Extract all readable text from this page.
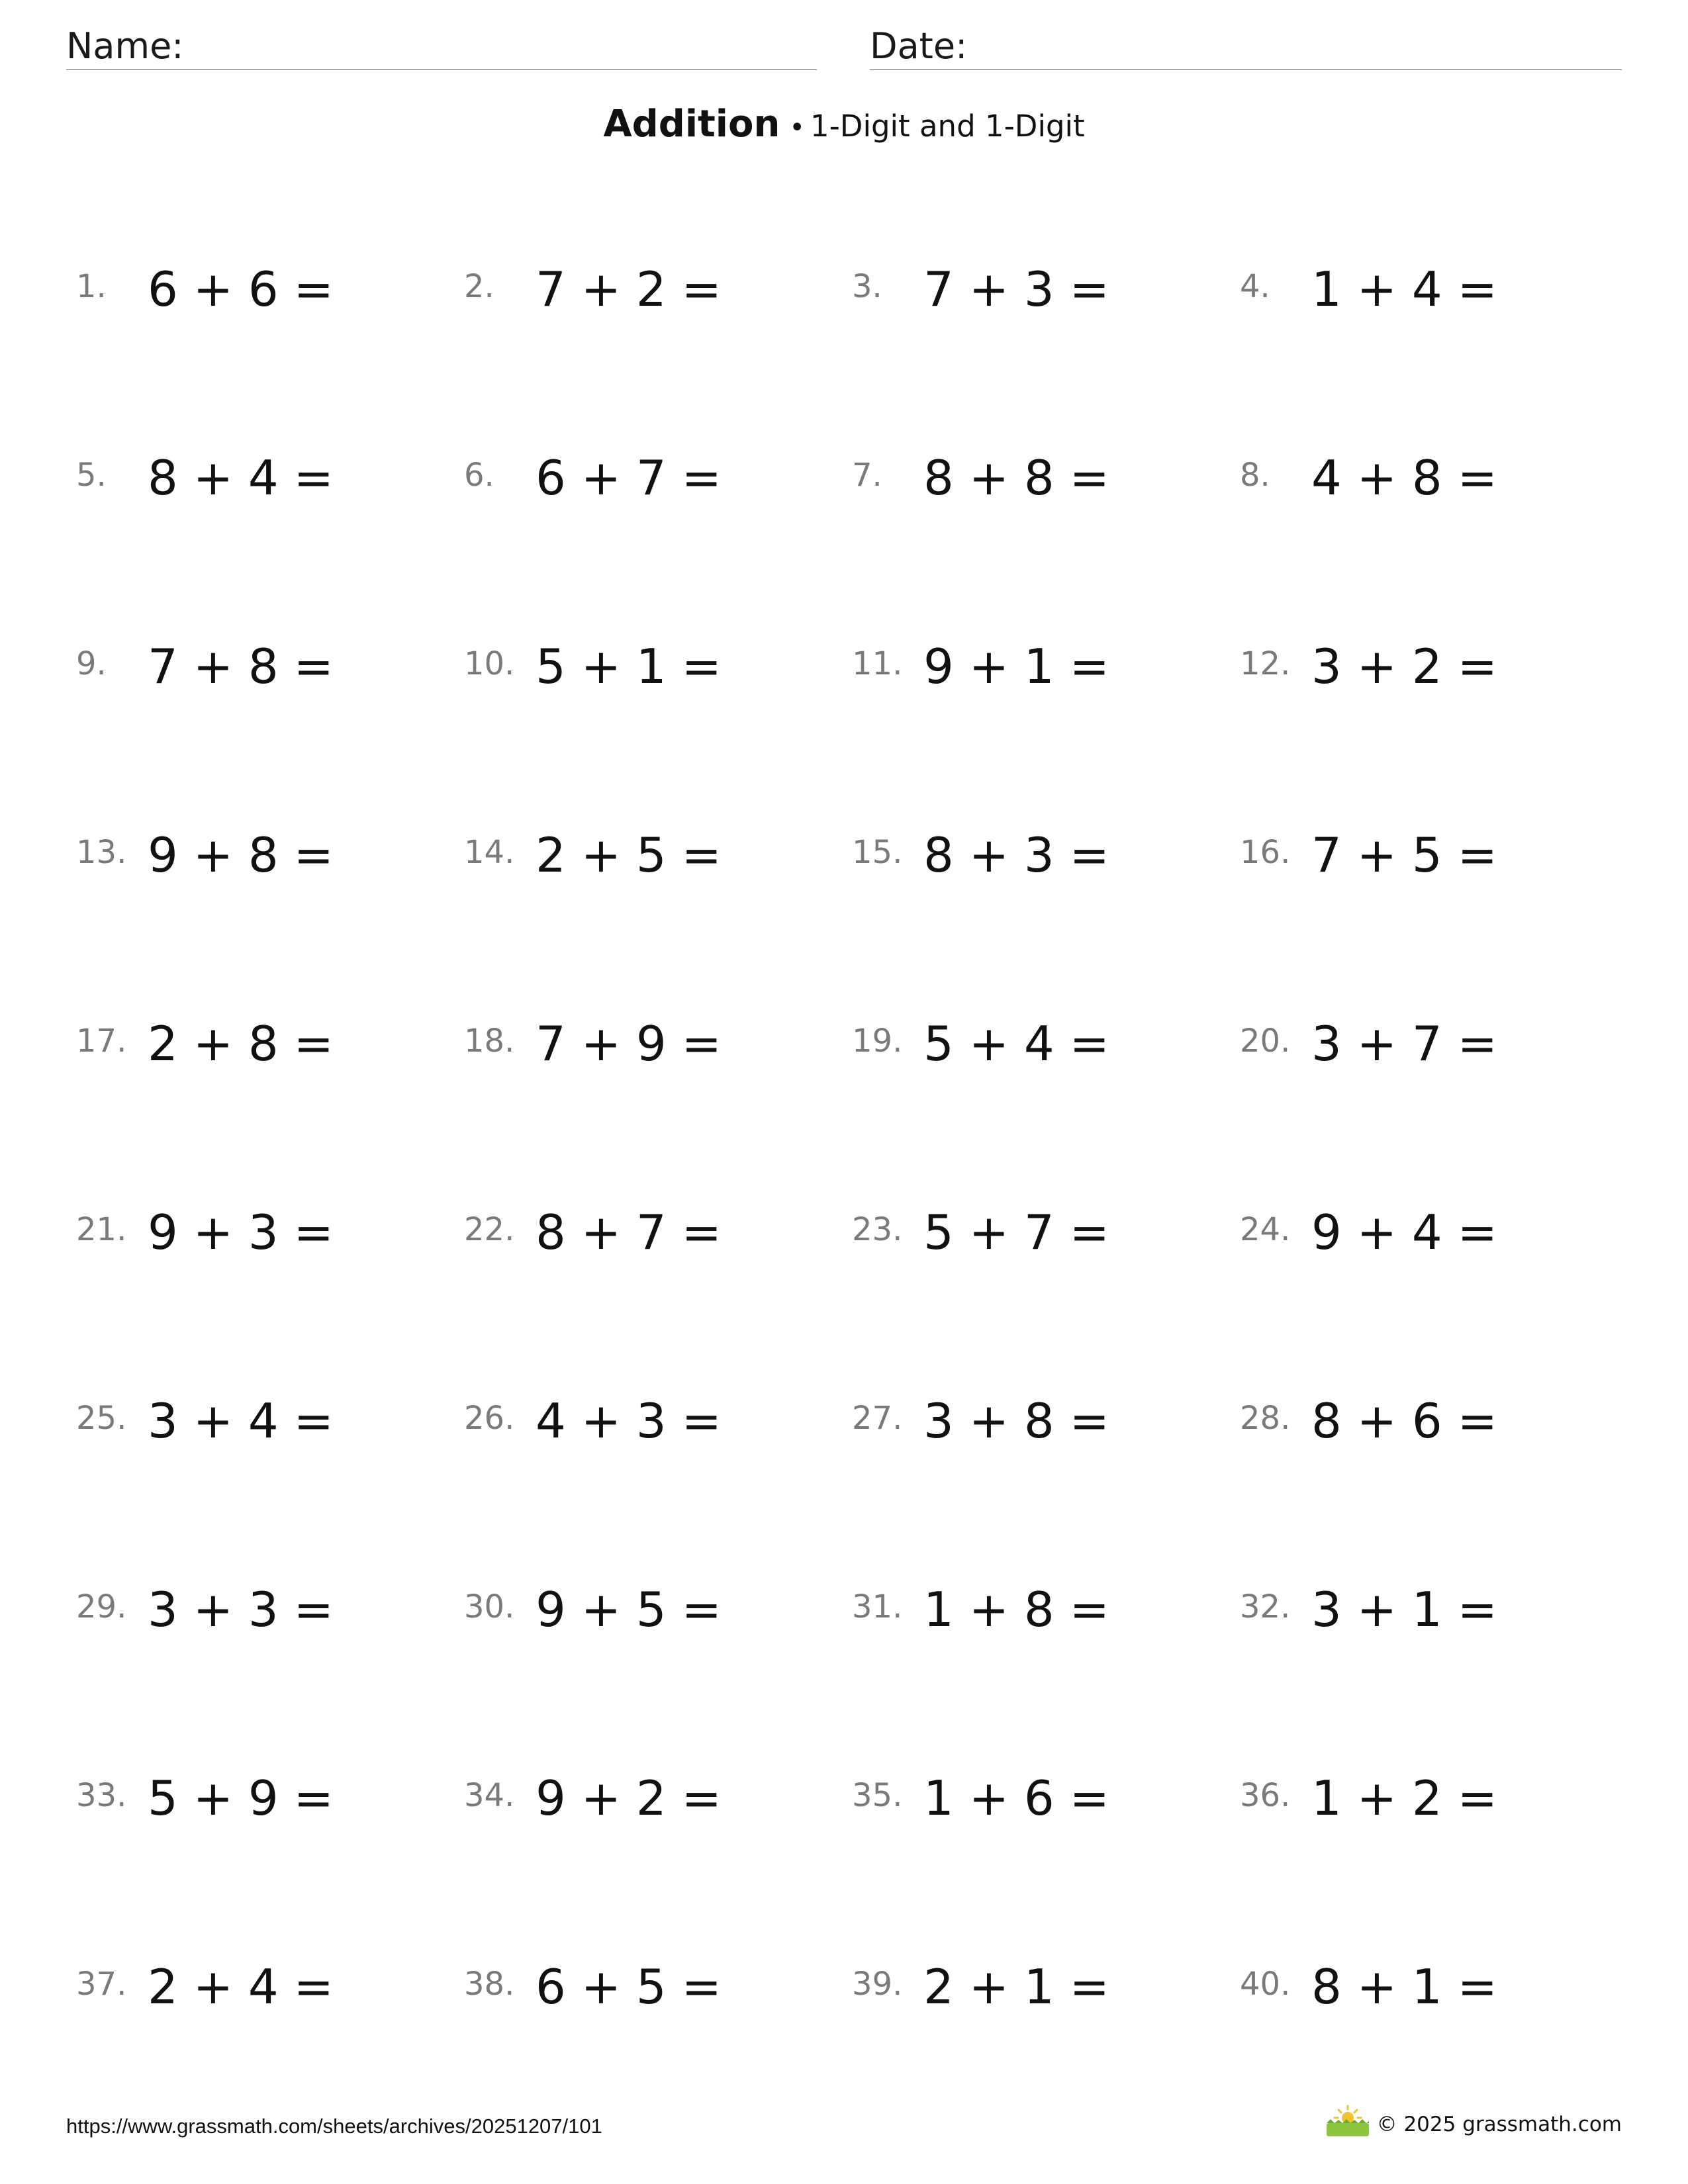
Name:	Date:
Addition • 1-Digit and 1-Digit
1. 6 + 6 =	2. 7 + 2 =	3. 7 + 3 =	4. 1 + 4 =
5. 8 + 4 =	6. 6 + 7 =	7. 8 + 8 =	8. 4 + 8 =
9. 7 + 8 =	10. 5 + 1 =	11. 9 + 1 =	12. 3 + 2 =
13. 9 + 8 =	14. 2 + 5 =	15. 8 + 3 =	16. 7 + 5 =
17. 2 + 8 =	18. 7 + 9 =	19. 5 + 4 =	20. 3 + 7 =
21. 9 + 3 =	22. 8 + 7 =	23. 5 + 7 =	24. 9 + 4 =
25. 3 + 4 =	26. 4 + 3 =	27. 3 + 8 =	28. 8 + 6 =
29. 3 + 3 =	30. 9 + 5 =	31. 1 + 8 =	32. 3 + 1 =
33. 5 + 9 =	34. 9 + 2 =	35. 1 + 6 =	36. 1 + 2 =
37. 2 + 4 =	38. 6 + 5 =	39. 2 + 1 =	40. 8 + 1 =
https://www.grassmath.com/sheets/archives/20251207/101	© 2025 grassmath.com
